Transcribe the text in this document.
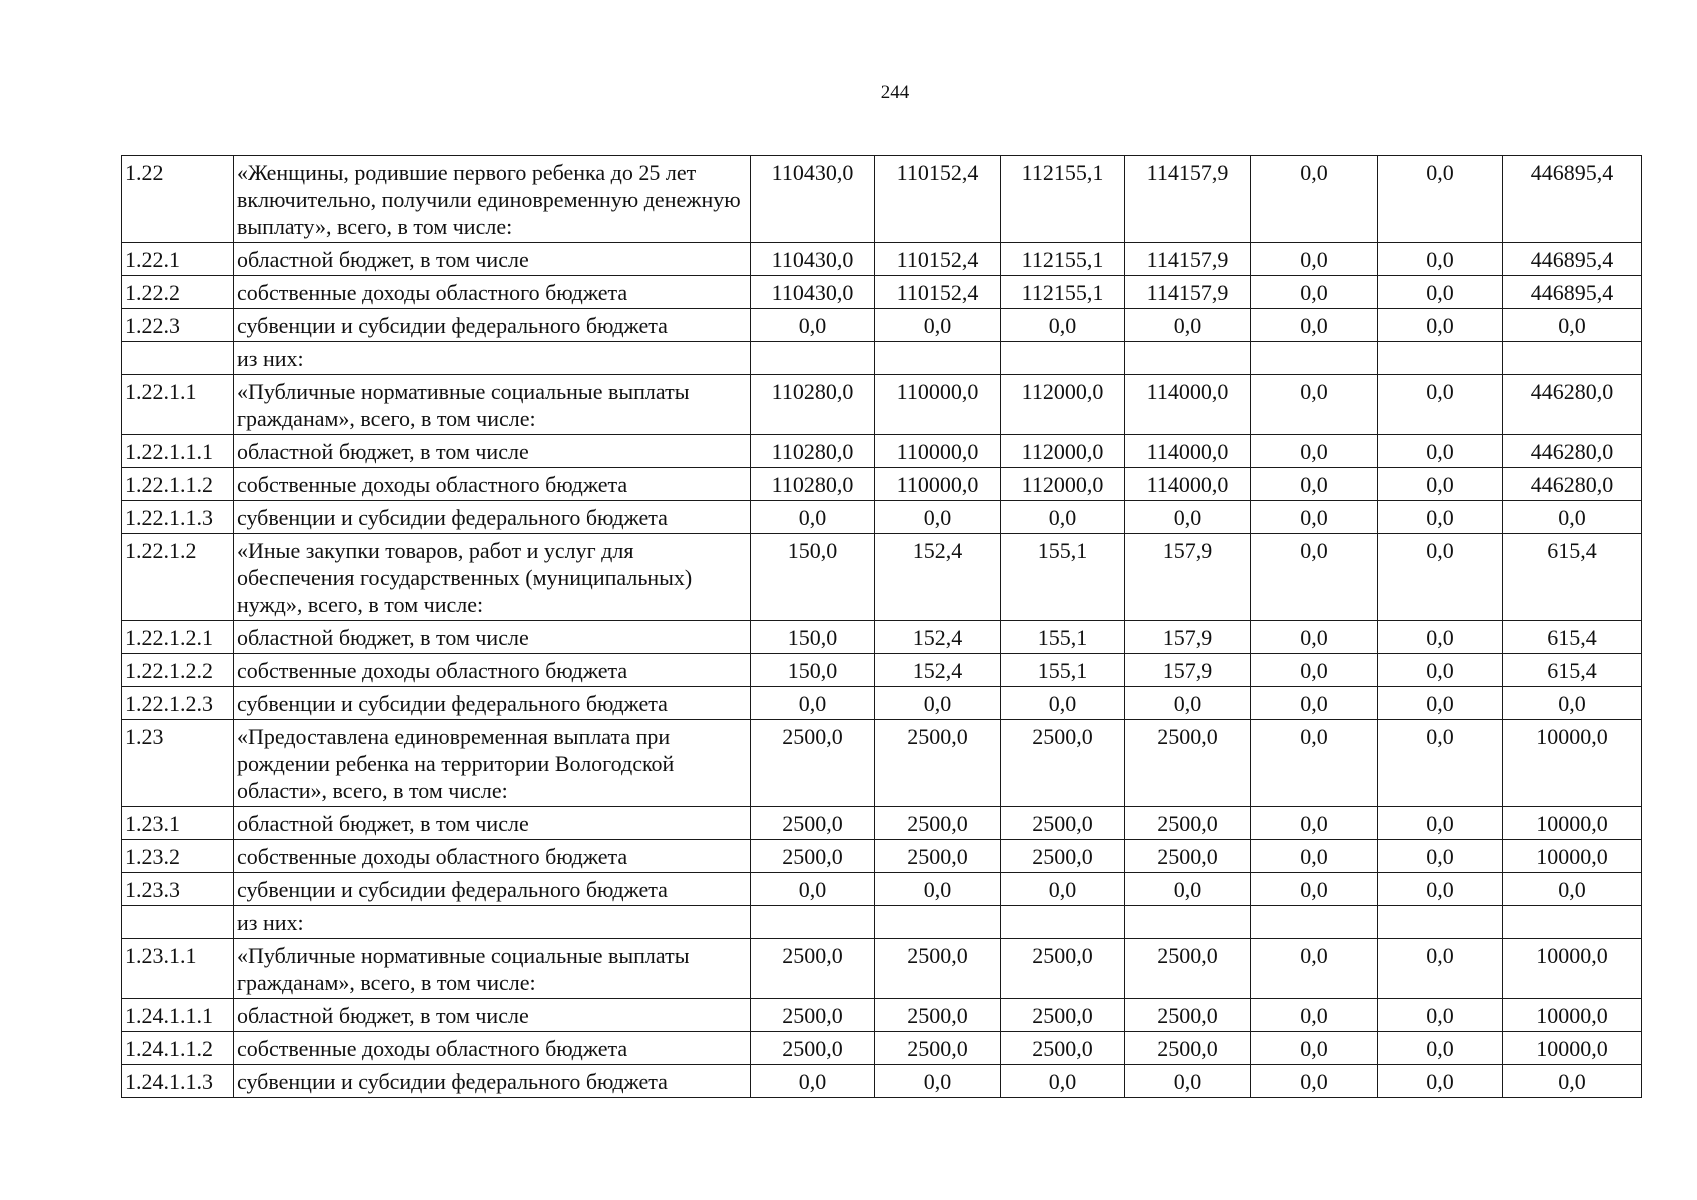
244
1.22	«Женщины, родившие первого ребенка до 25 лет включительно, получили единовременную денежную выплату», всего, в том числе:	110430,0	110152,4	112155,1	114157,9	0,0	0,0	446895,4
1.22.1	областной бюджет, в том числе	110430,0	110152,4	112155,1	114157,9	0,0	0,0	446895,4
1.22.2	собственные доходы областного бюджета	110430,0	110152,4	112155,1	114157,9	0,0	0,0	446895,4
1.22.3	субвенции и субсидии федерального бюджета	0,0	0,0	0,0	0,0	0,0	0,0	0,0
	из них:							
1.22.1.1	«Публичные нормативные социальные выплаты гражданам», всего, в том числе:	110280,0	110000,0	112000,0	114000,0	0,0	0,0	446280,0
1.22.1.1.1	областной бюджет, в том числе	110280,0	110000,0	112000,0	114000,0	0,0	0,0	446280,0
1.22.1.1.2	собственные доходы областного бюджета	110280,0	110000,0	112000,0	114000,0	0,0	0,0	446280,0
1.22.1.1.3	субвенции и субсидии федерального бюджета	0,0	0,0	0,0	0,0	0,0	0,0	0,0
1.22.1.2	«Иные закупки товаров, работ и услуг для обеспечения государственных (муниципальных) нужд», всего, в том числе:	150,0	152,4	155,1	157,9	0,0	0,0	615,4
1.22.1.2.1	областной бюджет, в том числе	150,0	152,4	155,1	157,9	0,0	0,0	615,4
1.22.1.2.2	собственные доходы областного бюджета	150,0	152,4	155,1	157,9	0,0	0,0	615,4
1.22.1.2.3	субвенции и субсидии федерального бюджета	0,0	0,0	0,0	0,0	0,0	0,0	0,0
1.23	«Предоставлена единовременная выплата при рождении ребенка на территории Вологодской области», всего, в том числе:	2500,0	2500,0	2500,0	2500,0	0,0	0,0	10000,0
1.23.1	областной бюджет, в том числе	2500,0	2500,0	2500,0	2500,0	0,0	0,0	10000,0
1.23.2	собственные доходы областного бюджета	2500,0	2500,0	2500,0	2500,0	0,0	0,0	10000,0
1.23.3	субвенции и субсидии федерального бюджета	0,0	0,0	0,0	0,0	0,0	0,0	0,0
	из них:							
1.23.1.1	«Публичные нормативные социальные выплаты гражданам», всего, в том числе:	2500,0	2500,0	2500,0	2500,0	0,0	0,0	10000,0
1.24.1.1.1	областной бюджет, в том числе	2500,0	2500,0	2500,0	2500,0	0,0	0,0	10000,0
1.24.1.1.2	собственные доходы областного бюджета	2500,0	2500,0	2500,0	2500,0	0,0	0,0	10000,0
1.24.1.1.3	субвенции и субсидии федерального бюджета	0,0	0,0	0,0	0,0	0,0	0,0	0,0
